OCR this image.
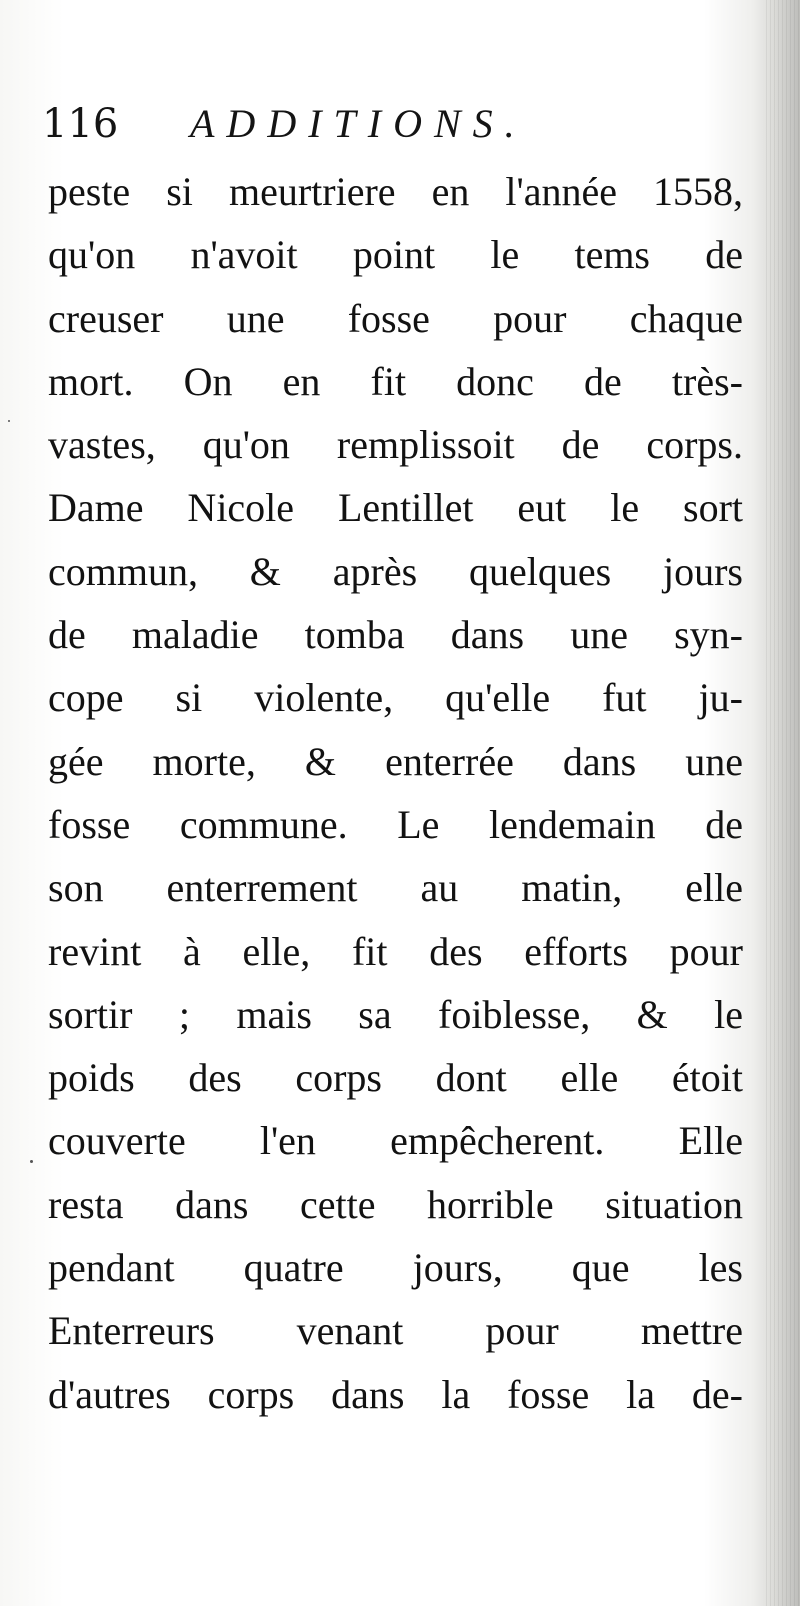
116 ADDITIONS.
peste si meurtriere en l'année 1558,
qu'on n'avoit point le tems de
creuser une fosse pour chaque
mort. On en fit donc de très-
vastes, qu'on remplissoit de corps.
Dame Nicole Lentillet eut le sort
commun, & après quelques jours
de maladie tomba dans une syn-
cope si violente, qu'elle fut ju-
gée morte, & enterrée dans une
fosse commune. Le lendemain de
son enterrement au matin, elle
revint à elle, fit des efforts pour
sortir ; mais sa foiblesse, & le
poids des corps dont elle étoit
couverte l'en empêcherent. Elle
resta dans cette horrible situation
pendant quatre jours, que les
Enterreurs venant pour mettre
d'autres corps dans la fosse la de-
